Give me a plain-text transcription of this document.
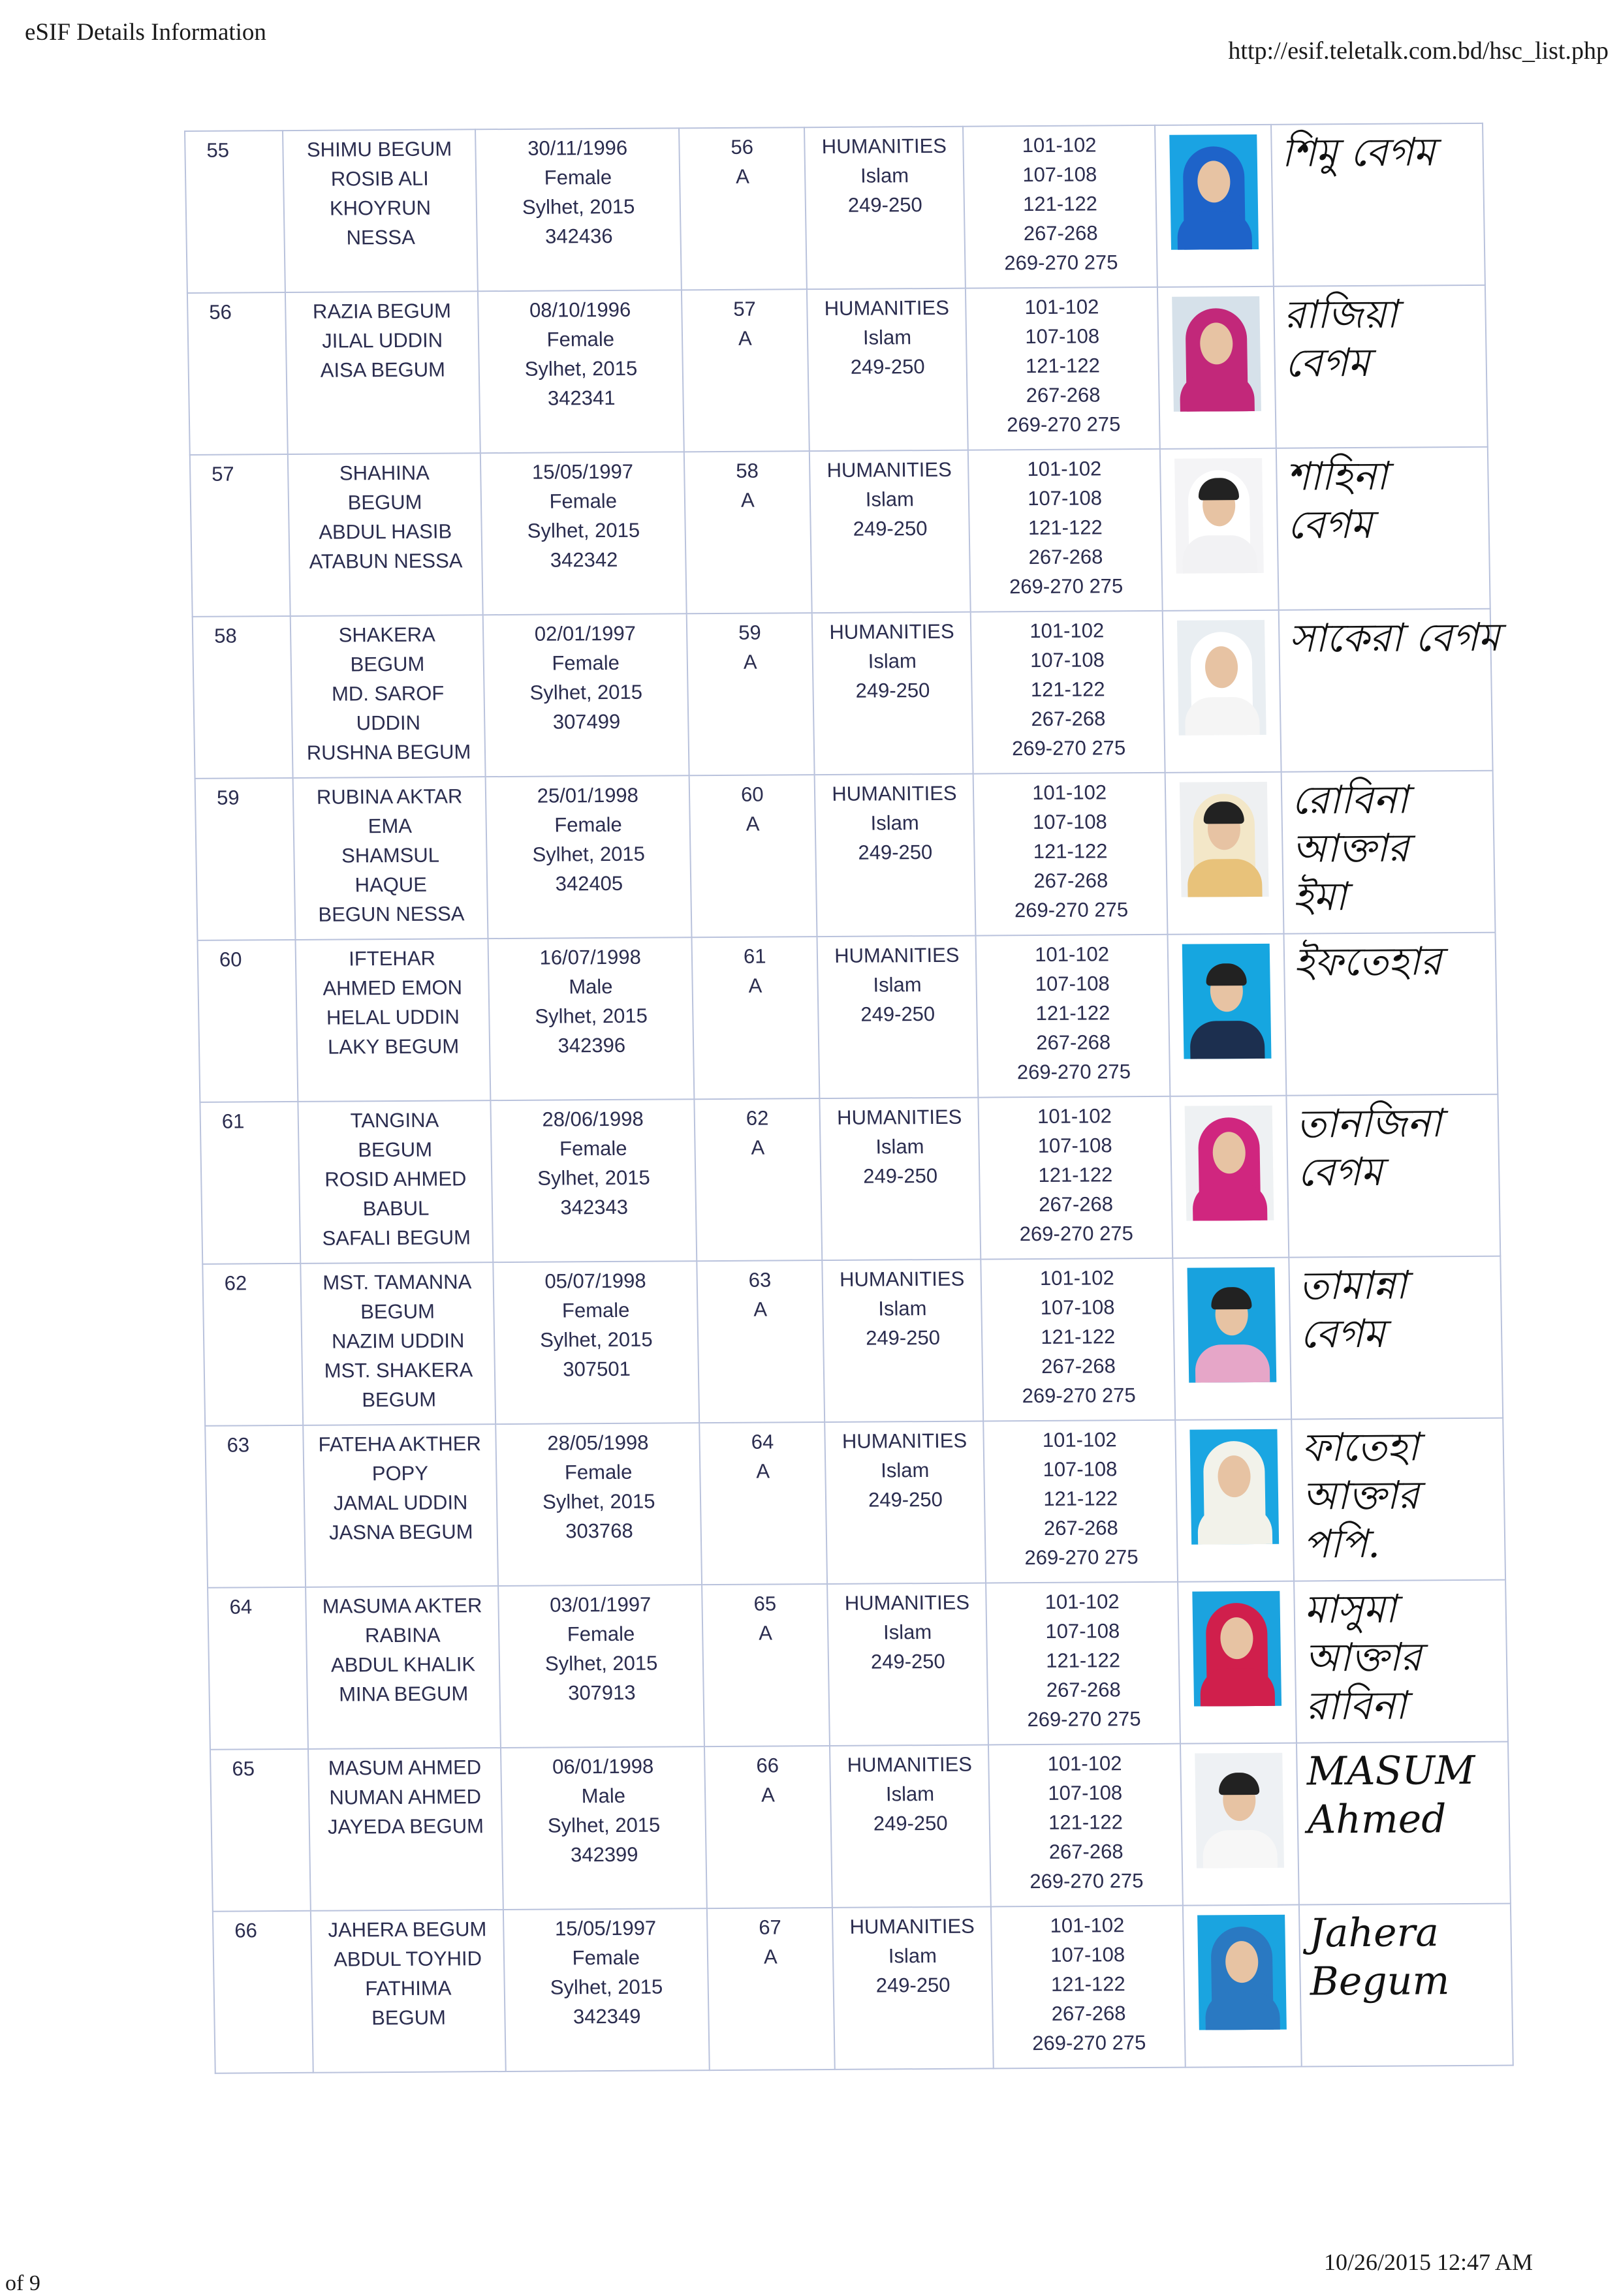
eSIF Details Information
http://esif.teletalk.com.bd/hsc_list.php
55	SHIMU BEGUM
ROSIB ALI
KHOYRUN
NESSA	30/11/1996
Female
Sylhet, 2015
342436	56
A	HUMANITIES
Islam
249-250	101-102
107-108
121-122
267-268
269-270 275		শিমু বেগম

56	RAZIA BEGUM
JILAL UDDIN
AISA BEGUM	08/10/1996
Female
Sylhet, 2015
342341	57
A	HUMANITIES
Islam
249-250	101-102
107-108
121-122
267-268
269-270 275		রাজিয়া
বেগম

57	SHAHINA
BEGUM
ABDUL HASIB
ATABUN NESSA	15/05/1997
Female
Sylhet, 2015
342342	58
A	HUMANITIES
Islam
249-250	101-102
107-108
121-122
267-268
269-270 275		শাহিনা
বেগম

58	SHAKERA
BEGUM
MD. SAROF
UDDIN
RUSHNA BEGUM	02/01/1997
Female
Sylhet, 2015
307499	59
A	HUMANITIES
Islam
249-250	101-102
107-108
121-122
267-268
269-270 275		সাকেরা বেগম

59	RUBINA AKTAR
EMA
SHAMSUL
HAQUE
BEGUN NESSA	25/01/1998
Female
Sylhet, 2015
342405	60
A	HUMANITIES
Islam
249-250	101-102
107-108
121-122
267-268
269-270 275		রোবিনা
আক্তার
ইমা

60	IFTEHAR
AHMED EMON
HELAL UDDIN
LAKY BEGUM	16/07/1998
Male
Sylhet, 2015
342396	61
A	HUMANITIES
Islam
249-250	101-102
107-108
121-122
267-268
269-270 275		ইফতেহার

61	TANGINA
BEGUM
ROSID AHMED
BABUL
SAFALI BEGUM	28/06/1998
Female
Sylhet, 2015
342343	62
A	HUMANITIES
Islam
249-250	101-102
107-108
121-122
267-268
269-270 275		তানজিনা
বেগম

62	MST. TAMANNA
BEGUM
NAZIM UDDIN
MST. SHAKERA
BEGUM	05/07/1998
Female
Sylhet, 2015
307501	63
A	HUMANITIES
Islam
249-250	101-102
107-108
121-122
267-268
269-270 275		তামান্না
বেগম

63	FATEHA AKTHER
POPY
JAMAL UDDIN
JASNA BEGUM	28/05/1998
Female
Sylhet, 2015
303768	64
A	HUMANITIES
Islam
249-250	101-102
107-108
121-122
267-268
269-270 275		ফাতেহা
আক্তার
পপি.

64	MASUMA AKTER
RABINA
ABDUL KHALIK
MINA BEGUM	03/01/1997
Female
Sylhet, 2015
307913	65
A	HUMANITIES
Islam
249-250	101-102
107-108
121-122
267-268
269-270 275		মাসুমা
আক্তার
রাবিনা

65	MASUM AHMED
NUMAN AHMED
JAYEDA BEGUM	06/01/1998
Male
Sylhet, 2015
342399	66
A	HUMANITIES
Islam
249-250	101-102
107-108
121-122
267-268
269-270 275		MASUM
Ahmed

66	JAHERA BEGUM
ABDUL TOYHID
FATHIMA
BEGUM	15/05/1997
Female
Sylhet, 2015
342349	67
A	HUMANITIES
Islam
249-250	101-102
107-108
121-122
267-268
269-270 275		Jahera
Begum
of 9
10/26/2015 12:47 AM
